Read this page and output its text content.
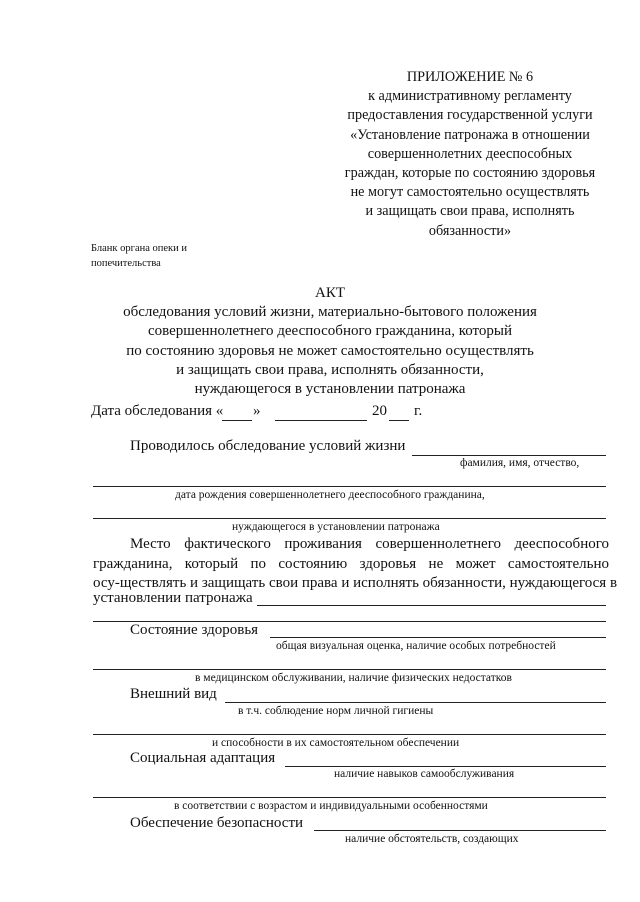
ПРИЛОЖЕНИЕ № 6
к административному регламенту
предоставления государственной услуги
«Установление патронажа в отношении
совершеннолетних дееспособных
граждан, которые по состоянию здоровья
не могут самостоятельно осуществлять
и защищать свои права, исполнять
обязанности»
Бланк органа опеки и
попечительства
АКТ
обследования условий жизни, материально-бытового положения
совершеннолетнего дееспособного гражданина, который
по состоянию здоровья не может самостоятельно осуществлять
и защищать свои права, исполнять обязанности,
нуждающегося в установлении патронажа
Дата обследования « »	20 г.
Проводилось обследование условий жизни
фамилия, имя, отчество,
дата рождения совершеннолетнего дееспособного гражданина,
нуждающегося в установлении патронажа
Место фактического проживания совершеннолетнего дееспособного
гражданина, который по состоянию здоровья не может самостоятельно
осу-ществлять и защищать свои права и исполнять обязанности, нуждающегося в
установлении патронажа
Состояние здоровья
общая визуальная оценка, наличие особых потребностей
в медицинском обслуживании, наличие физических недостатков
Внешний вид
в т.ч. соблюдение норм личной гигиены
и способности в их самостоятельном обеспечении
Социальная адаптация
наличие навыков самообслуживания
в соответствии с возрастом и индивидуальными особенностями
Обеспечение безопасности
наличие обстоятельств, создающих
